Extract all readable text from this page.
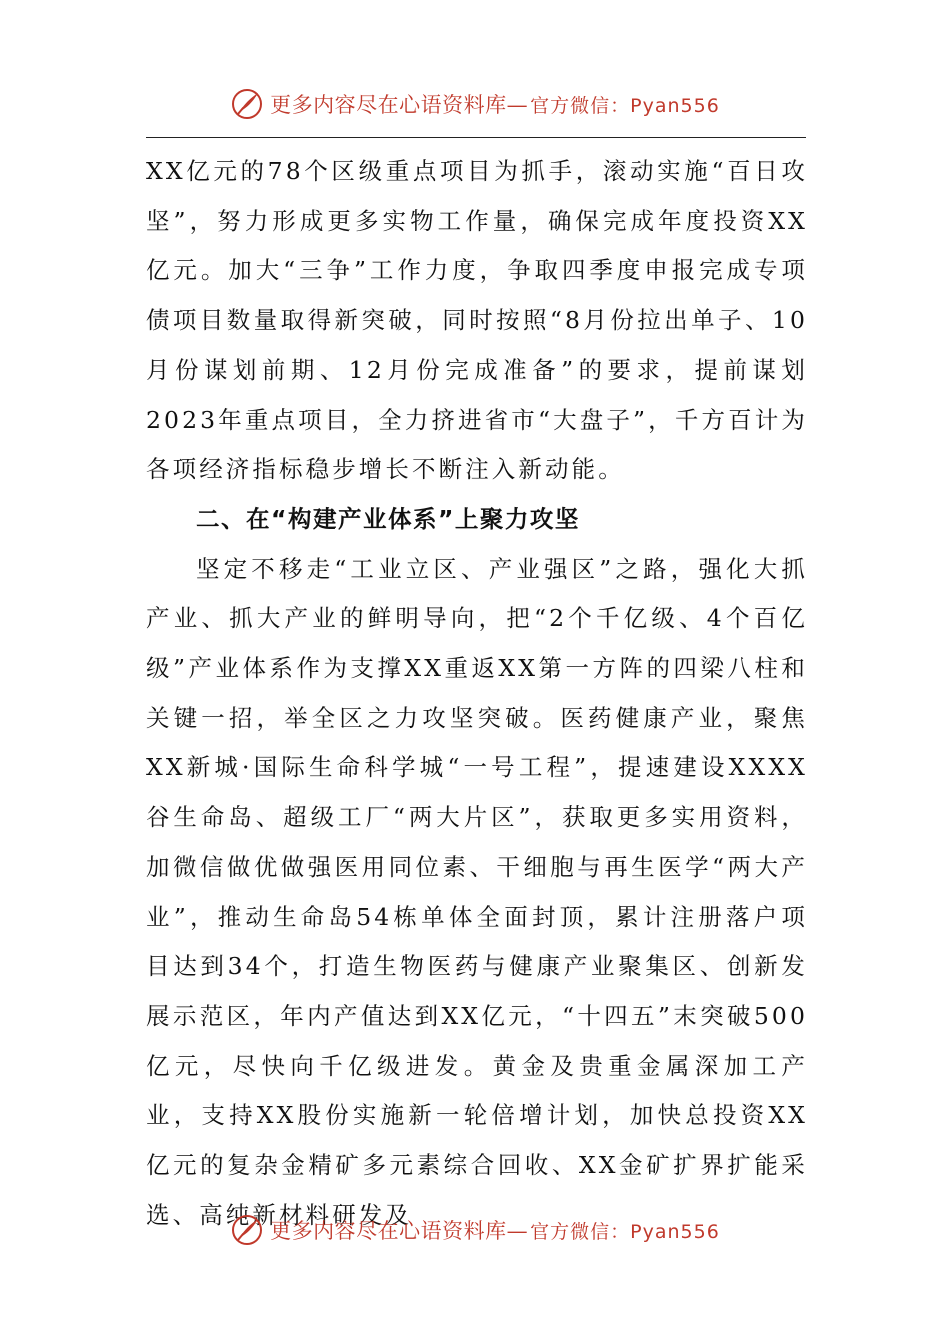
更多内容尽在心语资料库— 官方微信：Pyan556

XX亿元的78个区级重点项目为抓手，滚动实施“百日攻坚”，努力形成更多实物工作量，确保完成年度投资XX亿元。加大“三争”工作力度，争取四季度申报完成专项债项目数量取得新突破，同时按照“8月份拉出单子、10月份谋划前期、12月份完成准备”的要求，提前谋划2023年重点项目，全力挤进省市“大盘子”，千方百计为各项经济指标稳步增长不断注入新动能。

二、在“构建产业体系”上聚力攻坚

坚定不移走“工业立区、产业强区”之路，强化大抓产业、抓大产业的鲜明导向，把“2个千亿级、4个百亿级”产业体系作为支撑XX重返XX第一方阵的四梁八柱和关键一招，举全区之力攻坚突破。医药健康产业，聚焦XX新城·国际生命科学城“一号工程”，提速建设XXXX谷生命岛、超级工厂“两大片区”，获取更多实用资料，加微信做优做强医用同位素、干细胞与再生医学“两大产业”，推动生命岛54栋单体全面封顶，累计注册落户项目达到34个，打造生物医药与健康产业聚集区、创新发展示范区，年内产值达到XX亿元，“十四五”末突破500亿元，尽快向千亿级进发。黄金及贵重金属深加工产业，支持XX股份实施新一轮倍增计划，加快总投资XX亿元的复杂金精矿多元素综合回收、XX金矿扩界扩能采选、高纯新材料研发及

更多内容尽在心语资料库— 官方微信：Pyan556
